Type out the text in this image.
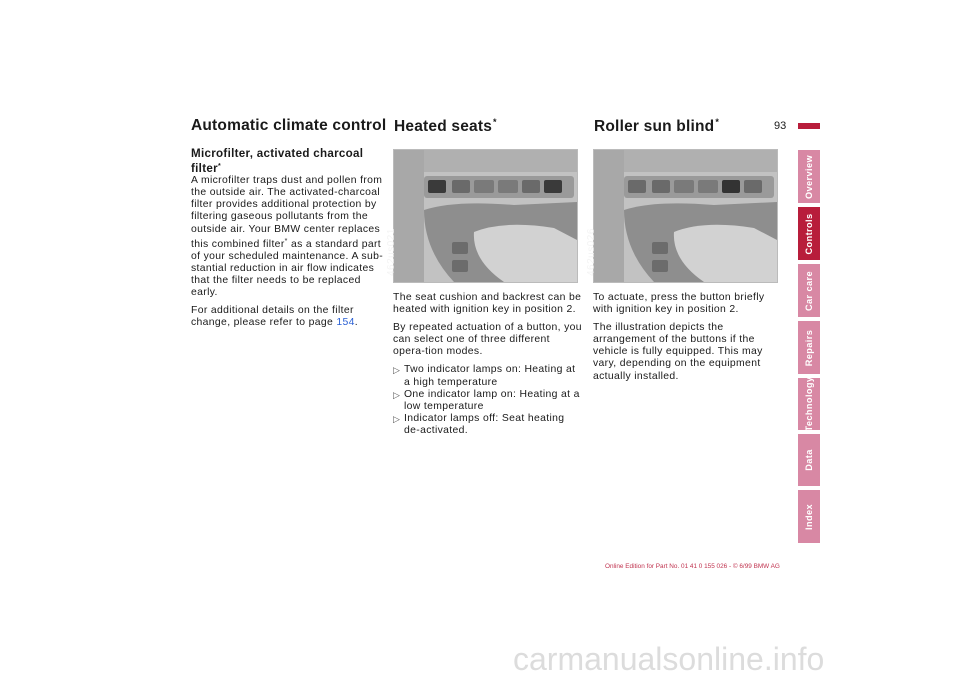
Automatic climate control Heated seats*	Roller sun blind*	93
Microfilter, activated charcoal filter*

A microfilter traps dust and pollen from the outside air. The activated-charcoal filter provides additional protection by filtering gaseous pollutants from the outside air. Your BMW center replaces this combined filter* as a standard part of your scheduled maintenance. A sub-stantial reduction in air flow indicates that the filter needs to be replaced early.

For additional details on the filter change, please refer to page 154.

462us021

The seat cushion and backrest can be heated with ignition key in position 2.

By repeated actuation of a button, you can select one of three different opera-tion modes.

▷ Two indicator lamps on: Heating at a high temperature
▷ One indicator lamp on: Heating at a low temperature
▷ Indicator lamps off: Seat heating de-activated.
462us026

To actuate, press the button briefly with ignition key in position 2.

The illustration depicts the arrangement of the buttons if the vehicle is fully equipped. This may vary, depending on the equipment actually installed.

Overview
Controls
Car care
Repairs
Technology
Data
Index
Online Edition for Part No. 01 41 0 155 026 - © 6/99 BMW AG
carmanualsonline.info
